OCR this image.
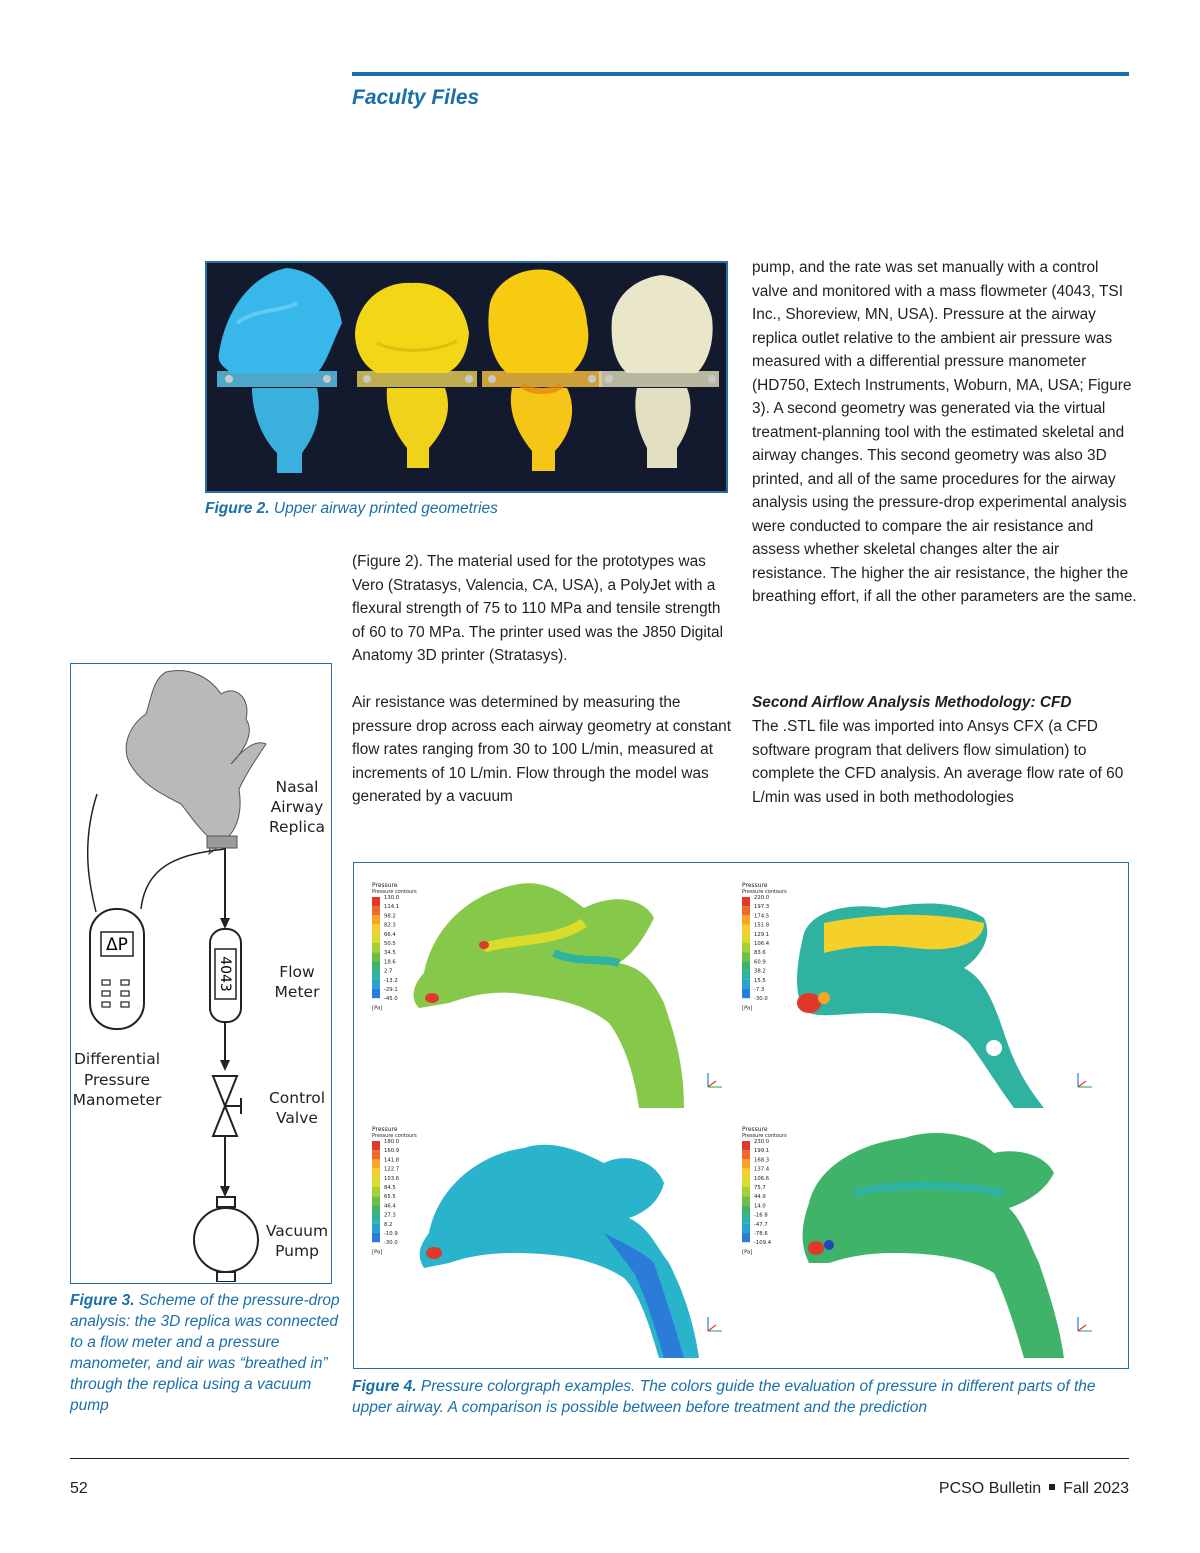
Faculty Files
Figure 2. Upper airway printed geometries
(Figure 2). The material used for the prototypes was Vero (Stratasys, Valencia, CA, USA), a PolyJet with a flexural strength of 75 to 110 MPa and tensile strength of 60 to 70 MPa. The printer used was the J850 Digital Anatomy 3D printer (Stratasys).
Air resistance was determined by measuring the pressure drop across each airway geometry at constant flow rates ranging from 30 to 100 L/min, measured at increments of 10 L/min. Flow through the model was generated by a vacuum
pump, and the rate was set manually with a control valve and monitored with a mass flowmeter (4043, TSI Inc., Shoreview, MN, USA). Pressure at the airway replica outlet relative to the ambient air pressure was measured with a differential pressure manometer (HD750, Extech Instruments, Woburn, MA, USA; Figure 3). A second geometry was generated via the virtual treatment-planning tool with the estimated skeletal and airway changes. This second geometry was also 3D printed, and all of the same procedures for the airway analysis using the pressure-drop experimental analysis were conducted to compare the air resistance and assess whether skeletal changes alter the air resistance. The higher the air resistance, the higher the breathing effort, if all the other parameters are the same.
Second Airflow Analysis Methodology: CFD
The .STL file was imported into Ansys CFX (a CFD software program that delivers flow simulation) to complete the CFD analysis. An average flow rate of 60 L/min was used in both methodologies
ΔP
4043
Nasal
Airway
Replica
Flow
Meter
Differential
Pressure
Manometer	Control
Valve
Vacuum
Pump
Figure 3. Scheme of the pressure-drop analysis: the 3D replica was connected to a flow meter and a pressure manometer, and air was “breathed in” through the replica using a vacuum pump
Pressure
Pressure contours
130.0
114.1
98.2
82.3
66.4
50.5
34.5
18.6
2.7
-13.2
-29.1
-45.0
[Pa]
Pressure
Pressure contours
220.0
197.3
174.5
151.8
129.1
106.4
83.6
60.9
38.2
15.5
-7.3
-30.0
[Pa]
Pressure
Pressure contours
180.0
160.9
141.8
122.7
103.6
84.5
65.5
46.4
27.3
8.2
-10.9
-30.0
[Pa]
Pressure
Pressure contours
230.0
199.1
168.3
137.4
106.6
75.7
44.9
14.0
-16.8
-47.7
-78.6
-109.4
[Pa]
Figure 4. Pressure colorgraph examples. The colors guide the evaluation of pressure in different parts of the upper airway. A comparison is possible between before treatment and the prediction
52	PCSO Bulletin Fall 2023
